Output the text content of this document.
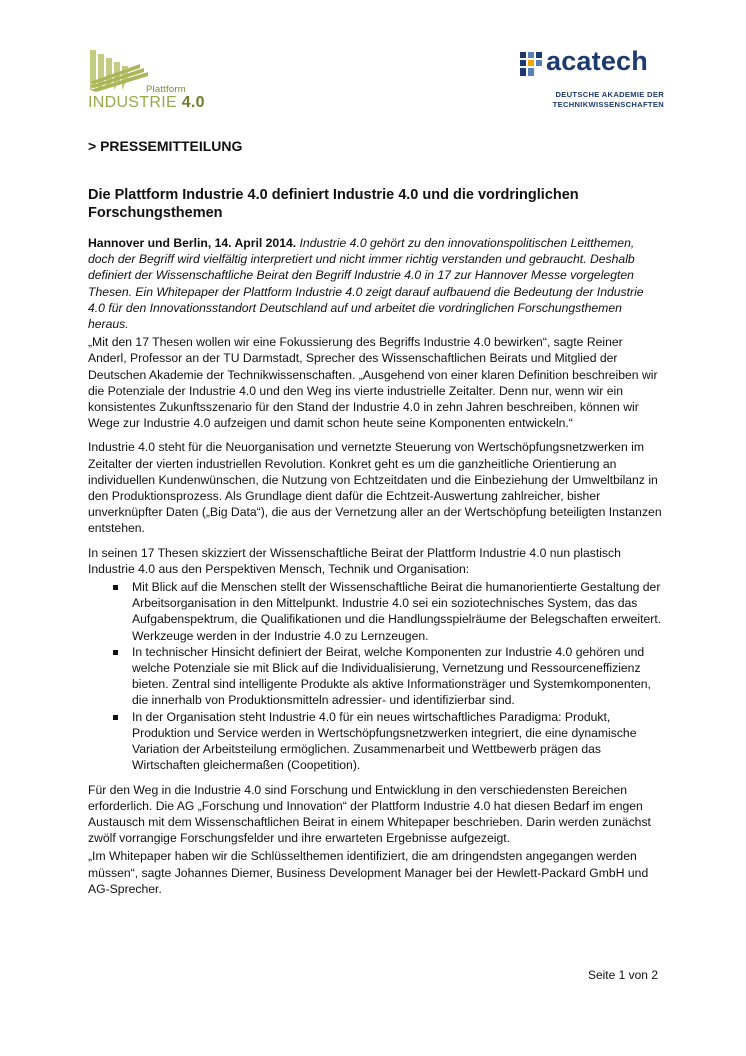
Plattform
INDUSTRIE 4.0
acatech
DEUTSCHE AKADEMIE DER
TECHNIKWISSENSCHAFTEN
> PRESSEMITTEILUNG
Die Plattform Industrie 4.0 definiert Industrie 4.0 und die vordringlichen Forschungsthemen

Hannover und Berlin, 14. April 2014. Industrie 4.0 gehört zu den innovationspolitischen Leitthemen, doch der Begriff wird vielfältig interpretiert und nicht immer richtig verstanden und gebraucht. Deshalb definiert der Wissenschaftliche Beirat den Begriff Industrie 4.0 in 17 zur Hannover Messe vorgelegten Thesen. Ein Whitepaper der Plattform Industrie 4.0 zeigt darauf aufbauend die Bedeutung der Industrie 4.0 für den Innovationsstandort Deutschland auf und arbeitet die vordringlichen Forschungsthemen heraus.

„Mit den 17 Thesen wollen wir eine Fokussierung des Begriffs Industrie 4.0 bewirken“, sagte Reiner Anderl, Professor an der TU Darmstadt, Sprecher des Wissenschaftlichen Beirats und Mitglied der Deutschen Akademie der Technikwissenschaften. „Ausgehend von einer klaren Definition beschreiben wir die Potenziale der Industrie 4.0 und den Weg ins vierte industrielle Zeitalter. Denn nur, wenn wir ein konsistentes Zukunftsszenario für den Stand der Industrie 4.0 in zehn Jahren beschreiben, können wir Wege zur Industrie 4.0 aufzeigen und damit schon heute seine Komponenten entwickeln.“

Industrie 4.0 steht für die Neuorganisation und vernetzte Steuerung von Wertschöpfungsnetzwerken im Zeitalter der vierten industriellen Revolution. Konkret geht es um die ganzheitliche Orientierung an individuellen Kundenwünschen, die Nutzung von Echtzeitdaten und die Einbeziehung der Umweltbilanz in den Produktionsprozess. Als Grundlage dient dafür die Echtzeit-Auswertung zahlreicher, bisher unverknüpfter Daten („Big Data“), die aus der Vernetzung aller an der Wertschöpfung beteiligten Instanzen entstehen.

In seinen 17 Thesen skizziert der Wissenschaftliche Beirat der Plattform Industrie 4.0 nun plastisch Industrie 4.0 aus den Perspektiven Mensch, Technik und Organisation:

Mit Blick auf die Menschen stellt der Wissenschaftliche Beirat die humanorientierte Gestaltung der Arbeitsorganisation in den Mittelpunkt. Industrie 4.0 sei ein soziotechnisches System, das das Aufgabenspektrum, die Qualifikationen und die Handlungsspielräume der Belegschaften erweitert. Werkzeuge werden in der Industrie 4.0 zu Lernzeugen.
In technischer Hinsicht definiert der Beirat, welche Komponenten zur Industrie 4.0 gehören und welche Potenziale sie mit Blick auf die Individualisierung, Vernetzung und Ressourceneffizienz bieten. Zentral sind intelligente Produkte als aktive Informationsträger und Systemkomponenten, die innerhalb von Produktionsmitteln adressier- und identifizierbar sind.
In der Organisation steht Industrie 4.0 für ein neues wirtschaftliches Paradigma: Produkt, Produktion und Service werden in Wertschöpfungsnetzwerken integriert, die eine dynamische Variation der Arbeitsteilung ermöglichen. Zusammenarbeit und Wettbewerb prägen das Wirtschaften gleichermaßen (Coopetition).

Für den Weg in die Industrie 4.0 sind Forschung und Entwicklung in den verschiedensten Bereichen erforderlich. Die AG „Forschung und Innovation“ der Plattform Industrie 4.0 hat diesen Bedarf im engen Austausch mit dem Wissenschaftlichen Beirat in einem Whitepaper beschrieben. Darin werden zunächst zwölf vorrangige Forschungsfelder und ihre erwarteten Ergebnisse aufgezeigt.

„Im Whitepaper haben wir die Schlüsselthemen identifiziert, die am dringendsten angegangen werden müssen“, sagte Johannes Diemer, Business Development Manager bei der Hewlett-Packard GmbH und AG-Sprecher.

Seite 1 von 2
